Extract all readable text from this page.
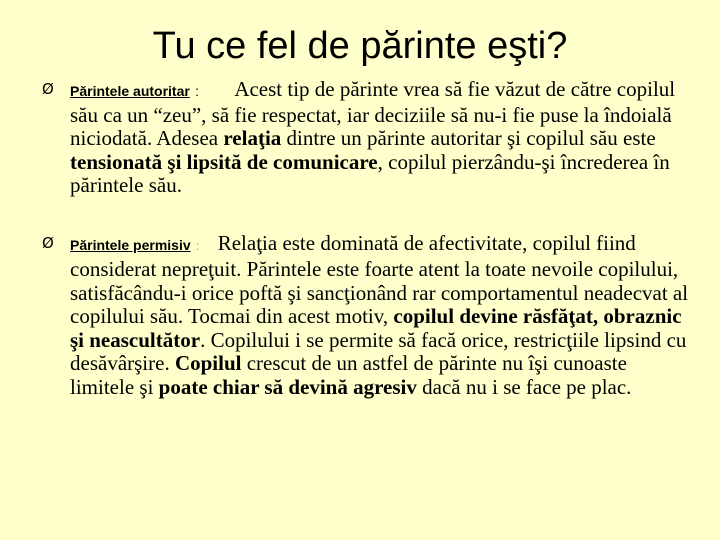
Tu ce fel de părinte eşti?
Ø Părintele autoritar : Acest tip de părinte vrea să fie văzut de către copilul său ca un “zeu”, să fie respectat, iar deciziile să nu-i fie puse la îndoială niciodată. Adesea relaţia dintre un părinte autoritar şi copilul său este tensionată şi lipsită de comunicare, copilul pierzându-şi încrederea în părintele său.
Ø Părintele permisiv : Relaţia este dominată de afectivitate, copilul fiind considerat nepreţuit. Părintele este foarte atent la toate nevoile copilului, satisfăcându-i orice poftă şi sancţionând rar comportamentul neadecvat al copilului său. Tocmai din acest motiv, copilul devine răsfăţat, obraznic şi neascultător. Copilului i se permite să facă orice, restricţiile lipsind cu desăvârşire. Copilul crescut de un astfel de părinte nu îşi cunoaste limitele şi poate chiar să devină agresiv dacă nu i se face pe plac.
